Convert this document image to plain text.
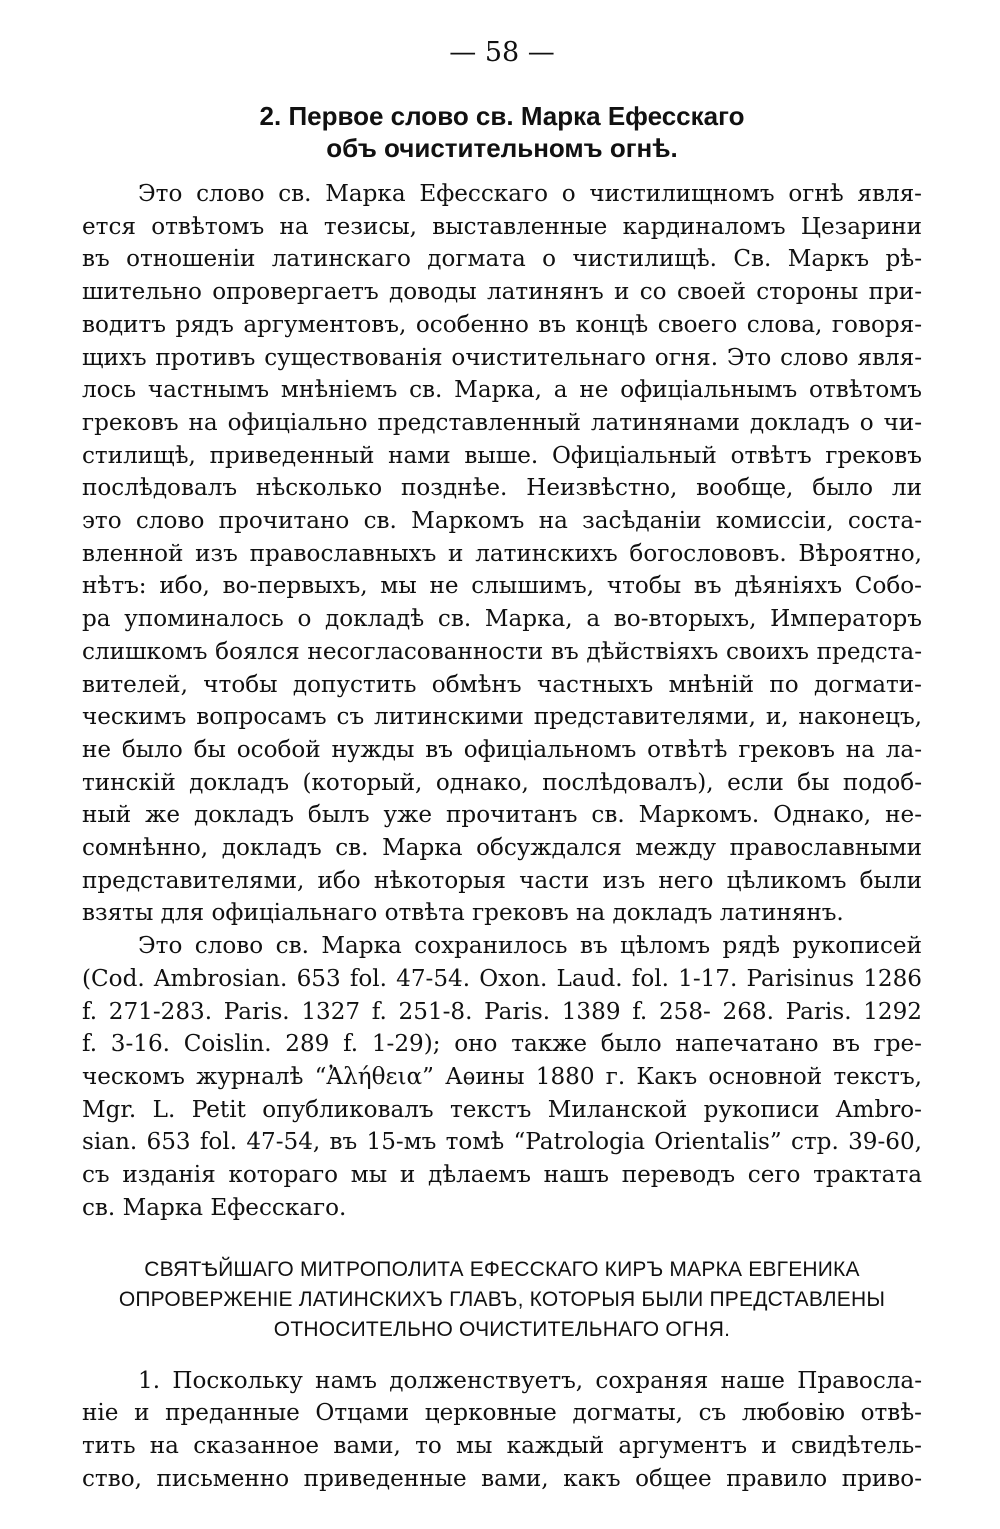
— 58 —
2. Первое слово св. Марка Ефесскаго
объ очистительномъ огнѣ.
Это слово св. Марка Ефесскаго о чистилищномъ огнѣ явля-
ется отвѣтомъ на тезисы, выставленные кардиналомъ Цезарини
въ отношеніи латинскаго догмата о чистилищѣ. Св. Маркъ рѣ-
шительно опровергаетъ доводы латинянъ и со своей стороны при-
водитъ рядъ аргументовъ, особенно въ концѣ своего слова, говоря-
щихъ противъ существованія очистительнаго огня. Это слово явля-
лось частнымъ мнѣніемъ св. Марка, а не офиціальнымъ отвѣтомъ
грековъ на офиціально представленный латинянами докладъ о чи-
стилищѣ, приведенный нами выше. Офиціальный отвѣтъ грековъ
послѣдовалъ нѣсколько позднѣе. Неизвѣстно, вообще, было ли
это слово прочитано св. Маркомъ на засѣданіи комиссіи, соста-
вленной изъ православныхъ и латинскихъ богослововъ. Вѣроятно,
нѣтъ: ибо, во-первыхъ, мы не слышимъ, чтобы въ дѣяніяхъ Собо-
ра упоминалось о докладѣ св. Марка, а во-вторыхъ, Императоръ
слишкомъ боялся несогласованности въ дѣйствіяхъ своихъ предста-
вителей, чтобы допустить обмѣнъ частныхъ мнѣній по догмати-
ческимъ вопросамъ съ литинскими представителями, и, наконецъ,
не было бы особой нужды въ офиціальномъ отвѣтѣ грековъ на ла-
тинскій докладъ (который, однако, послѣдовалъ), если бы подоб-
ный же докладъ былъ уже прочитанъ св. Маркомъ. Однако, не-
сомнѣнно, докладъ св. Марка обсуждался между православными
представителями, ибо нѣкоторыя части изъ него цѣликомъ были
взяты для офиціальнаго отвѣта грековъ на докладъ латинянъ.
Это слово св. Марка сохранилось въ цѣломъ рядѣ рукописей
(Cod. Ambrosian. 653 fol. 47-54. Oxon. Laud. fol. 1-17. Parisinus 1286
f. 271-283. Paris. 1327 f. 251-8. Paris. 1389 f. 258- 268. Paris. 1292
f. 3-16. Coislin. 289 f. 1-29); оно также было напечатано въ гре-
ческомъ журналѣ “Ἀλήθεια” Аѳины 1880 г. Какъ основной текстъ,
Mgr. L. Petit опубликовалъ текстъ Миланской рукописи Ambro-
sian. 653 fol. 47-54, въ 15-мъ томѣ “Patrologia Orientalis” стр. 39-60,
съ изданія котораго мы и дѣлаемъ нашъ переводъ сего трактата
св. Марка Ефесскаго.
СВЯТѢЙШАГО МИТРОПОЛИТА ЕФЕССКАГО КИРЪ МАРКА ЕВГЕНИКА
ОПРОВЕРЖЕНІЕ ЛАТИНСКИХЪ ГЛАВЪ, КОТОРЫЯ БЫЛИ ПРЕДСТАВЛЕНЫ
ОТНОСИТЕЛЬНО ОЧИСТИТЕЛЬНАГО ОГНЯ.
1. Поскольку намъ долженствуетъ, сохраняя наше Правосла-
ніе и преданные Отцами церковные догматы, съ любовію отвѣ-
тить на сказанное вами, то мы каждый аргументъ и свидѣтель-
ство, письменно приведенные вами, какъ общее правило приво-
